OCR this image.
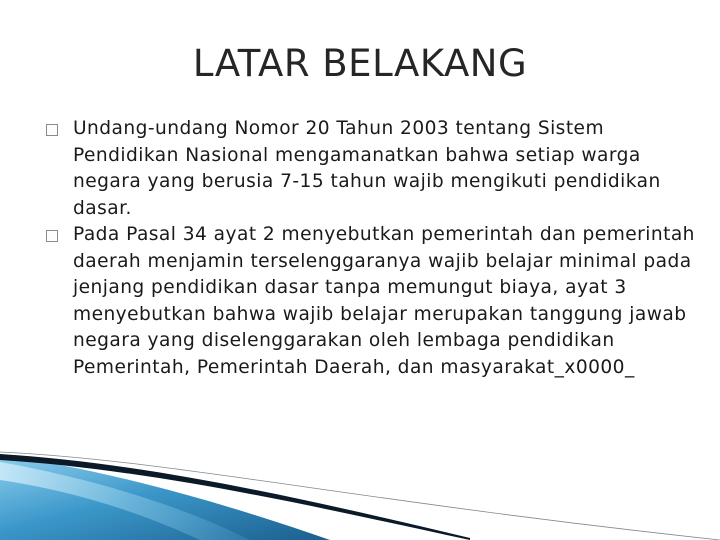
LATAR BELAKANG
Undang-undang Nomor 20 Tahun 2003 tentang Sistem Pendidikan Nasional mengamanatkan bahwa setiap warga negara yang berusia 7-15 tahun wajib mengikuti pendidikan dasar.
Pada Pasal 34 ayat 2 menyebutkan pemerintah dan pemerintah daerah menjamin terselenggaranya wajib belajar minimal pada jenjang pendidikan dasar tanpa memungut biaya, ayat 3 menyebutkan bahwa wajib belajar merupakan tanggung jawab negara yang diselenggarakan oleh lembaga pendidikan Pemerintah, Pemerintah Daerah, dan masyarakat_x0000_
